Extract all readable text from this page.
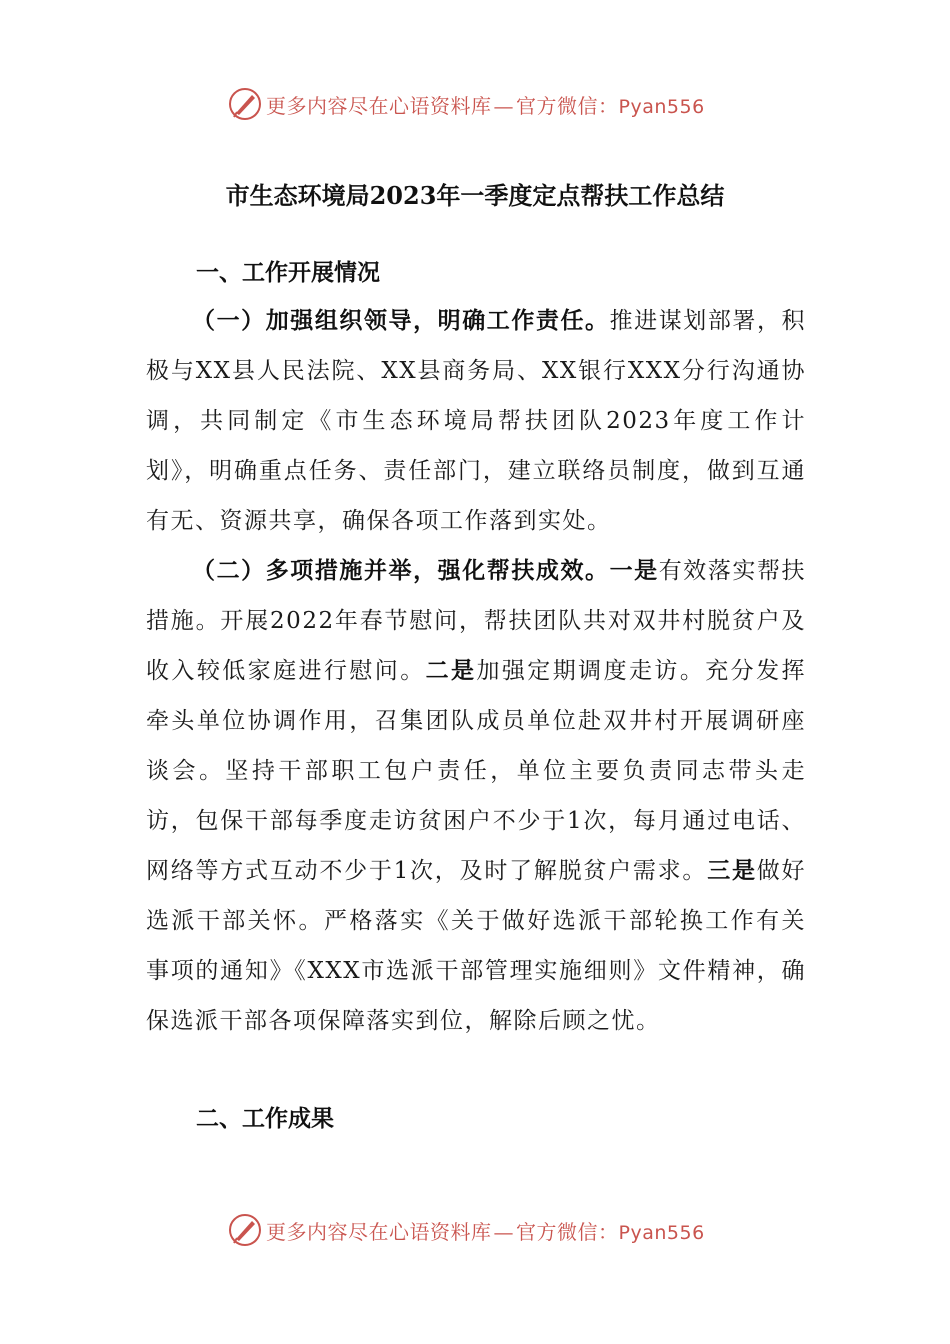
更多内容尽在心语资料库 — 官方微信：Pyan556
市生态环境局2023年一季度定点帮扶工作总结
一、工作开展情况
（一）加强组织领导，明确工作责任。推进谋划部署，积极与XX县人民法院、XX县商务局、XX银行XXX分行沟通协调，共同制定《市生态环境局帮扶团队2023年度工作计划》，明确重点任务、责任部门，建立联络员制度，做到互通有无、资源共享，确保各项工作落到实处。
（二）多项措施并举，强化帮扶成效。一是有效落实帮扶措施。开展2022年春节慰问，帮扶团队共对双井村脱贫户及收入较低家庭进行慰问。二是加强定期调度走访。充分发挥牵头单位协调作用，召集团队成员单位赴双井村开展调研座谈会。坚持干部职工包户责任，单位主要负责同志带头走访，包保干部每季度走访贫困户不少于1次，每月通过电话、网络等方式互动不少于1次，及时了解脱贫户需求。三是做好选派干部关怀。严格落实《关于做好选派干部轮换工作有关事项的通知》《XXX市选派干部管理实施细则》文件精神，确保选派干部各项保障落实到位，解除后顾之忧。
二、工作成果
更多内容尽在心语资料库 — 官方微信：Pyan556
